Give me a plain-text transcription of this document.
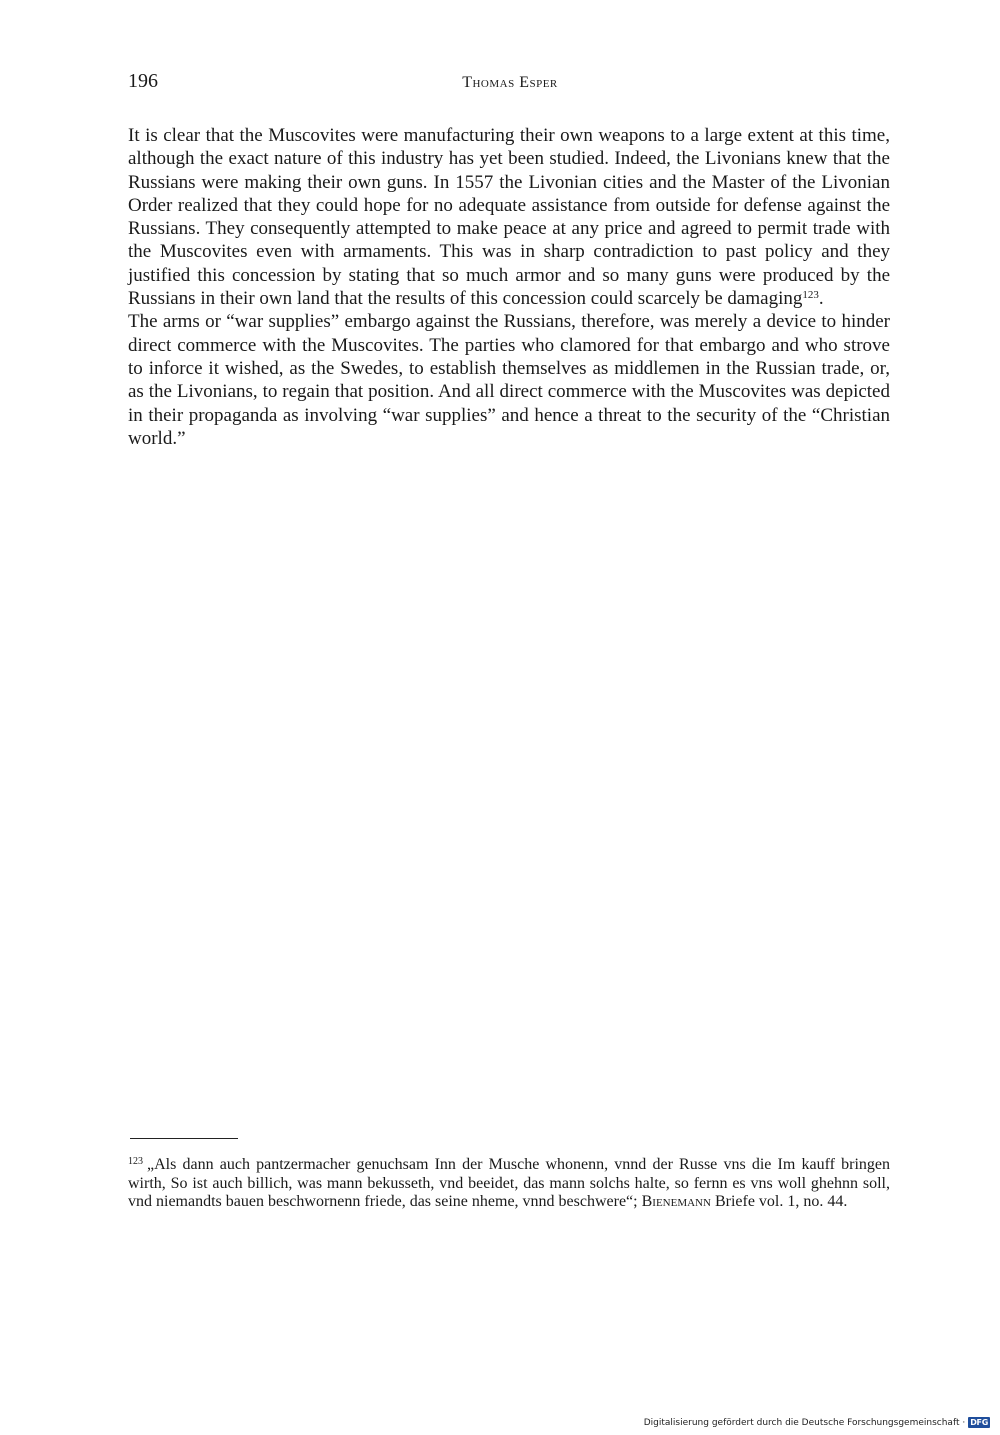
196	Thomas Esper

It is clear that the Muscovites were manufacturing their own weapons to a large extent at this time, although the exact nature of this industry has yet been studied. Indeed, the Livonians knew that the Russians were making their own guns. In 1557 the Livonian cities and the Master of the Livonian Order realized that they could hope for no adequate assistance from outside for defense against the Russians. They consequently attempted to make peace at any price and agreed to permit trade with the Muscovites even with armaments. This was in sharp contradiction to past policy and they justified this concession by stating that so much armor and so many guns were produced by the Russians in their own land that the results of this concession could scarcely be damaging$^{123}$.

The arms or “war supplies” embargo against the Russians, therefore, was merely a device to hinder direct commerce with the Muscovites. The parties who clamored for that embargo and who strove to inforce it wished, as the Swedes, to establish themselves as middlemen in the Russian trade, or, as the Livonians, to regain that position. And all direct commerce with the Muscovites was depicted in their propaganda as involving “war supplies” and hence a threat to the security of the “Christian world.”

$^{123}$ „Als dann auch pantzermacher genuchsam Inn der Musche whonenn, vnnd der Russe vns die Im kauff bringen wirth, So ist auch billich, was mann bekusseth, vnd beeidet, das mann solchs halte, so fernn es vns woll ghehnn soll, vnd niemandts bauen beschwornenn friede, das seine nheme, vnnd beschwere“; Bienemann Briefe vol. 1, no. 44.
Digitalisierung gefördert durch die Deutsche Forschungsgemeinschaft · DFG
